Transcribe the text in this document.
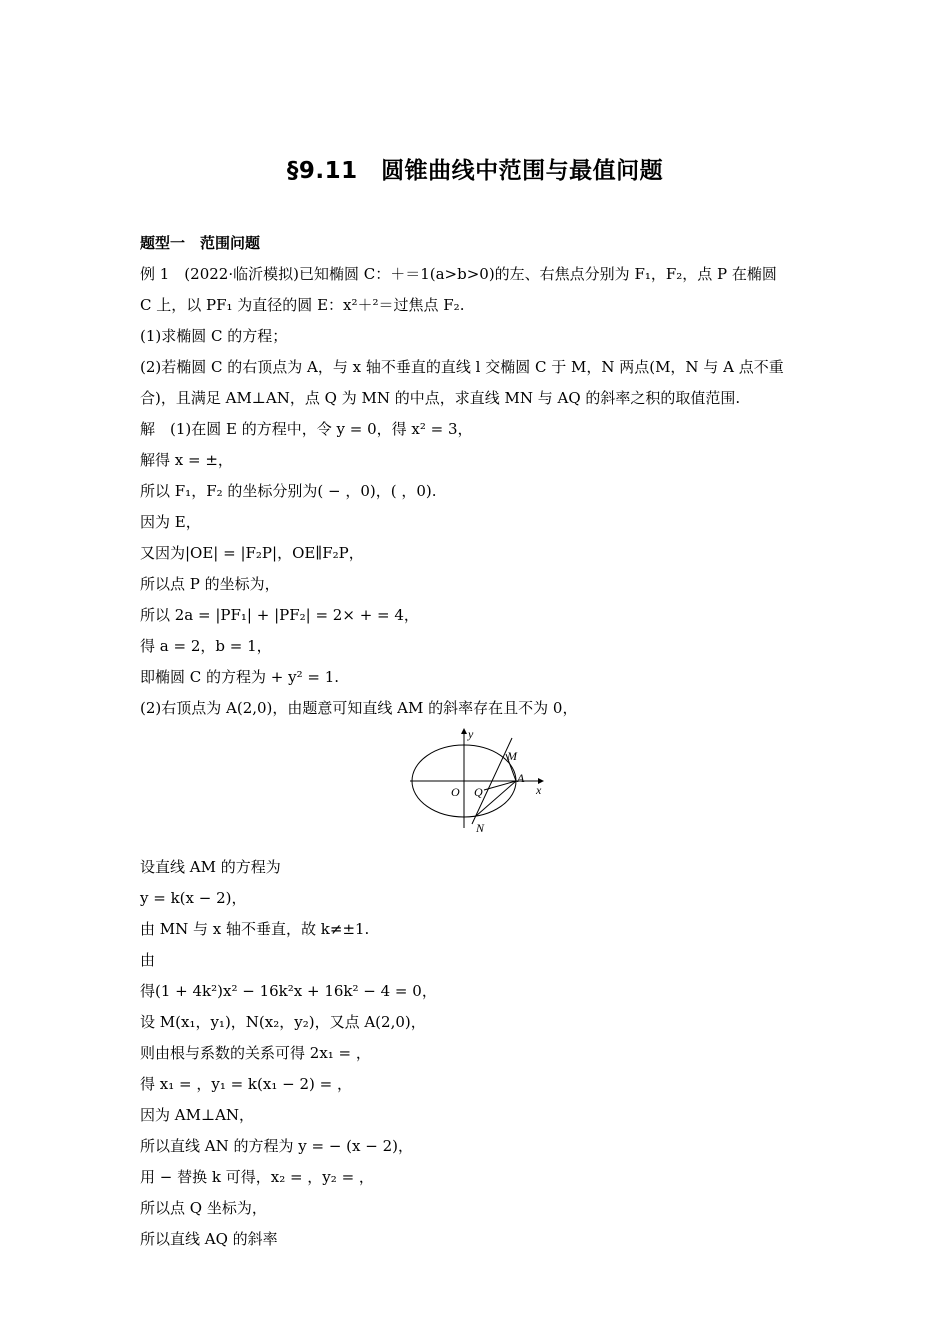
§9.11　圆锥曲线中范围与最值问题
题型一　范围问题
例 1　(2022·临沂模拟)已知椭圆 C：＋＝1(a>b>0)的左、右焦点分别为 F₁，F₂，点 P 在椭圆
C 上，以 PF₁ 为直径的圆 E：x²＋²＝过焦点 F₂.
(1)求椭圆 C 的方程；
(2)若椭圆 C 的右顶点为 A，与 x 轴不垂直的直线 l 交椭圆 C 于 M，N 两点(M，N 与 A 点不重
合)，且满足 AM⊥AN，点 Q 为 MN 的中点，求直线 MN 与 AQ 的斜率之积的取值范围.
解　(1)在圆 E 的方程中，令 y = 0，得 x² = 3，
解得 x = ±，
所以 F₁，F₂ 的坐标分别为( − ，0)，( ，0).
因为 E，
又因为|OE| = |F₂P|，OE∥F₂P，
所以点 P 的坐标为，
所以 2a = |PF₁| + |PF₂| = 2× + = 4，
得 a = 2，b = 1，
即椭圆 C 的方程为 + y² = 1.
(2)右顶点为 A(2,0)，由题意可知直线 AM 的斜率存在且不为 0，
y
x
O Q
A
M
N
设直线 AM 的方程为
y = k(x − 2)，
由 MN 与 x 轴不垂直，故 k≠±1.
由
得(1 + 4k²)x² − 16k²x + 16k² − 4 = 0，
设 M(x₁，y₁)，N(x₂，y₂)，又点 A(2,0)，
则由根与系数的关系可得 2x₁ = ，
得 x₁ = ，y₁ = k(x₁ − 2) = ，
因为 AM⊥AN，
所以直线 AN 的方程为 y = − (x − 2)，
用 − 替换 k 可得，x₂ = ，y₂ = ，
所以点 Q 坐标为，
所以直线 AQ 的斜率
